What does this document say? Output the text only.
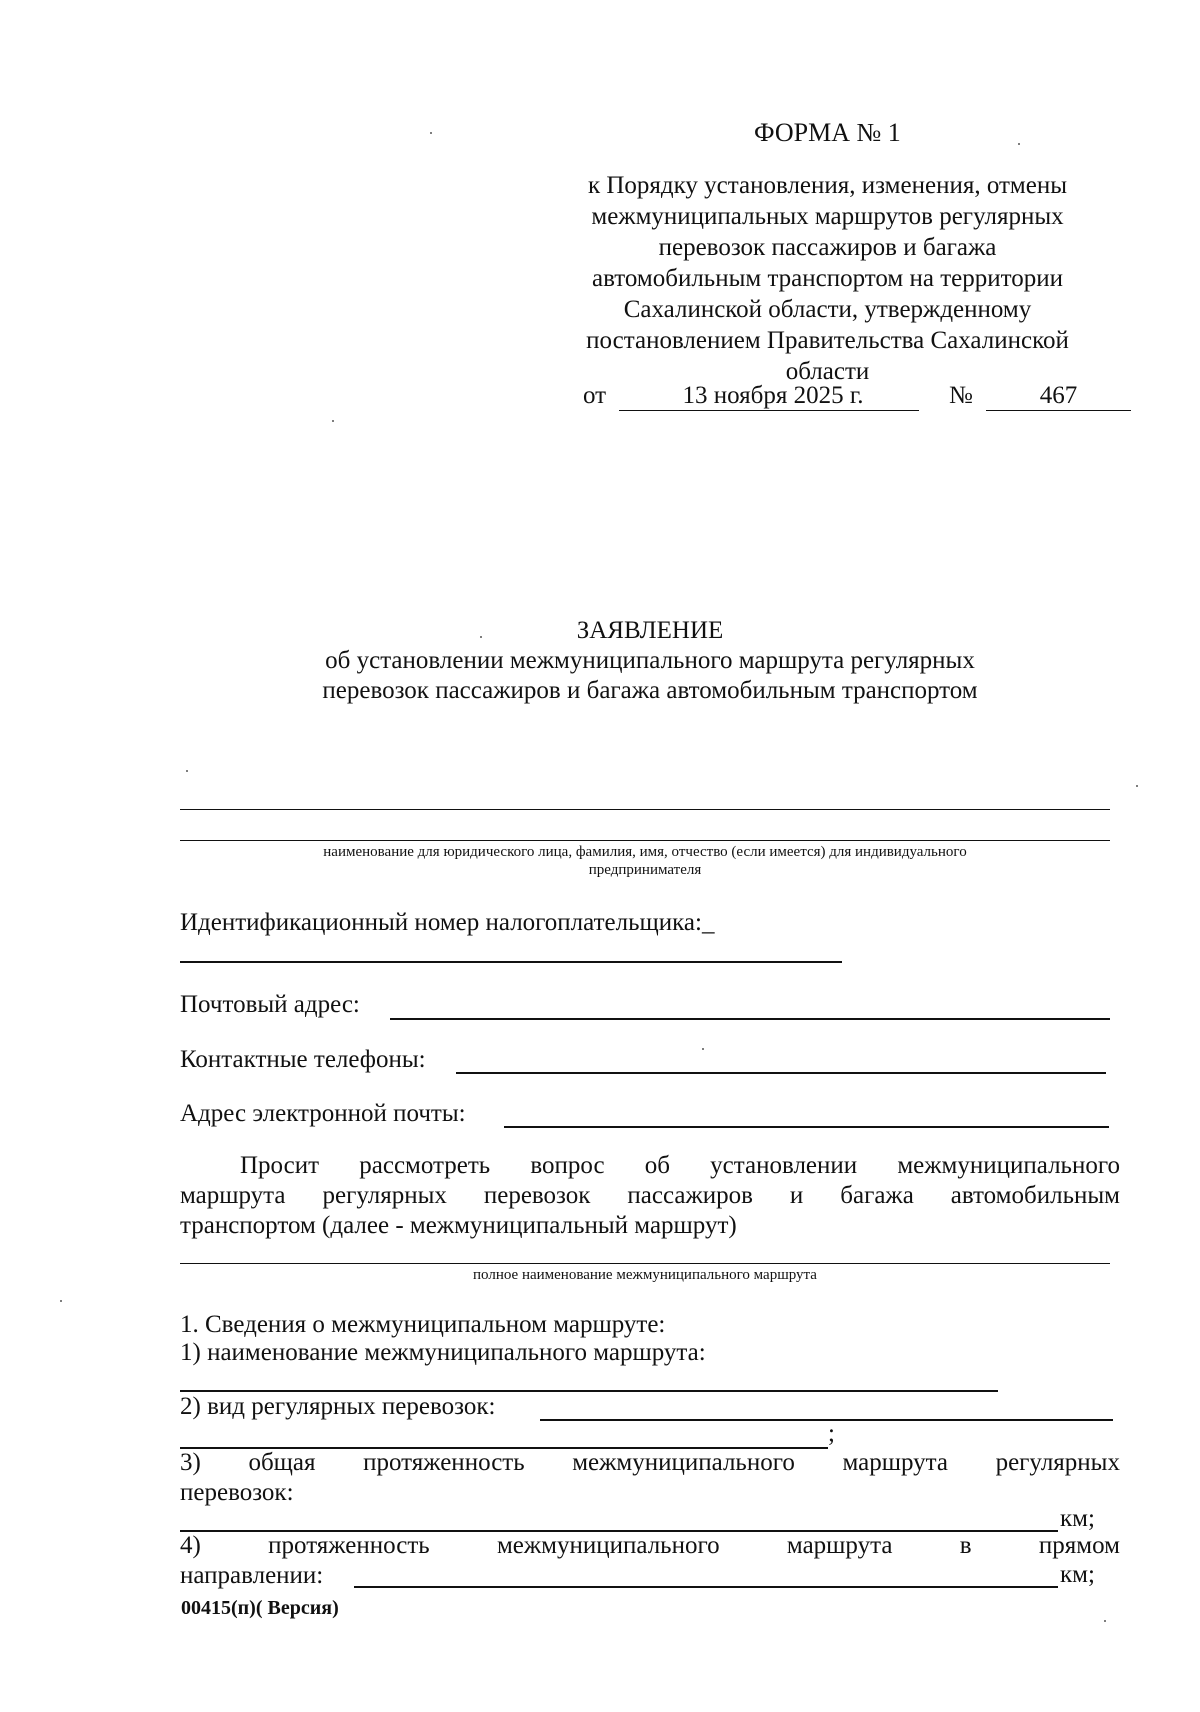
ФОРМА № 1
к Порядку установления, изменения, отмены
межмуниципальных маршрутов регулярных
перевозок пассажиров и багажа
автомобильным транспортом на территории
Сахалинской области, утвержденному
постановлением Правительства Сахалинской
области
от	13 ноября 2025 г.	№	467
ЗАЯВЛЕНИЕ
об установлении межмуниципального маршрута регулярных
перевозок пассажиров и багажа автомобильным транспортом
наименование для юридического лица, фамилия, имя, отчество (если имеется) для индивидуального
предпринимателя
Идентификационный номер налогоплательщика:_
Почтовый адрес:
Контактные телефоны:
Адрес электронной почты:
Просит рассмотреть вопрос об установлении межмуниципального
маршрута регулярных перевозок пассажиров и багажа автомобильным
транспортом (далее - межмуниципальный маршрут)
полное наименование межмуниципального маршрута
1. Сведения о межмуниципальном маршруте:
1) наименование межмуниципального маршрута:
2) вид регулярных перевозок:
;
3) общая протяженность межмуниципального маршрута регулярных
перевозок:
км;
4)	протяженность	межмуниципального	маршрута	в	прямом
направлении:	км;
00415(п)( Версия)
